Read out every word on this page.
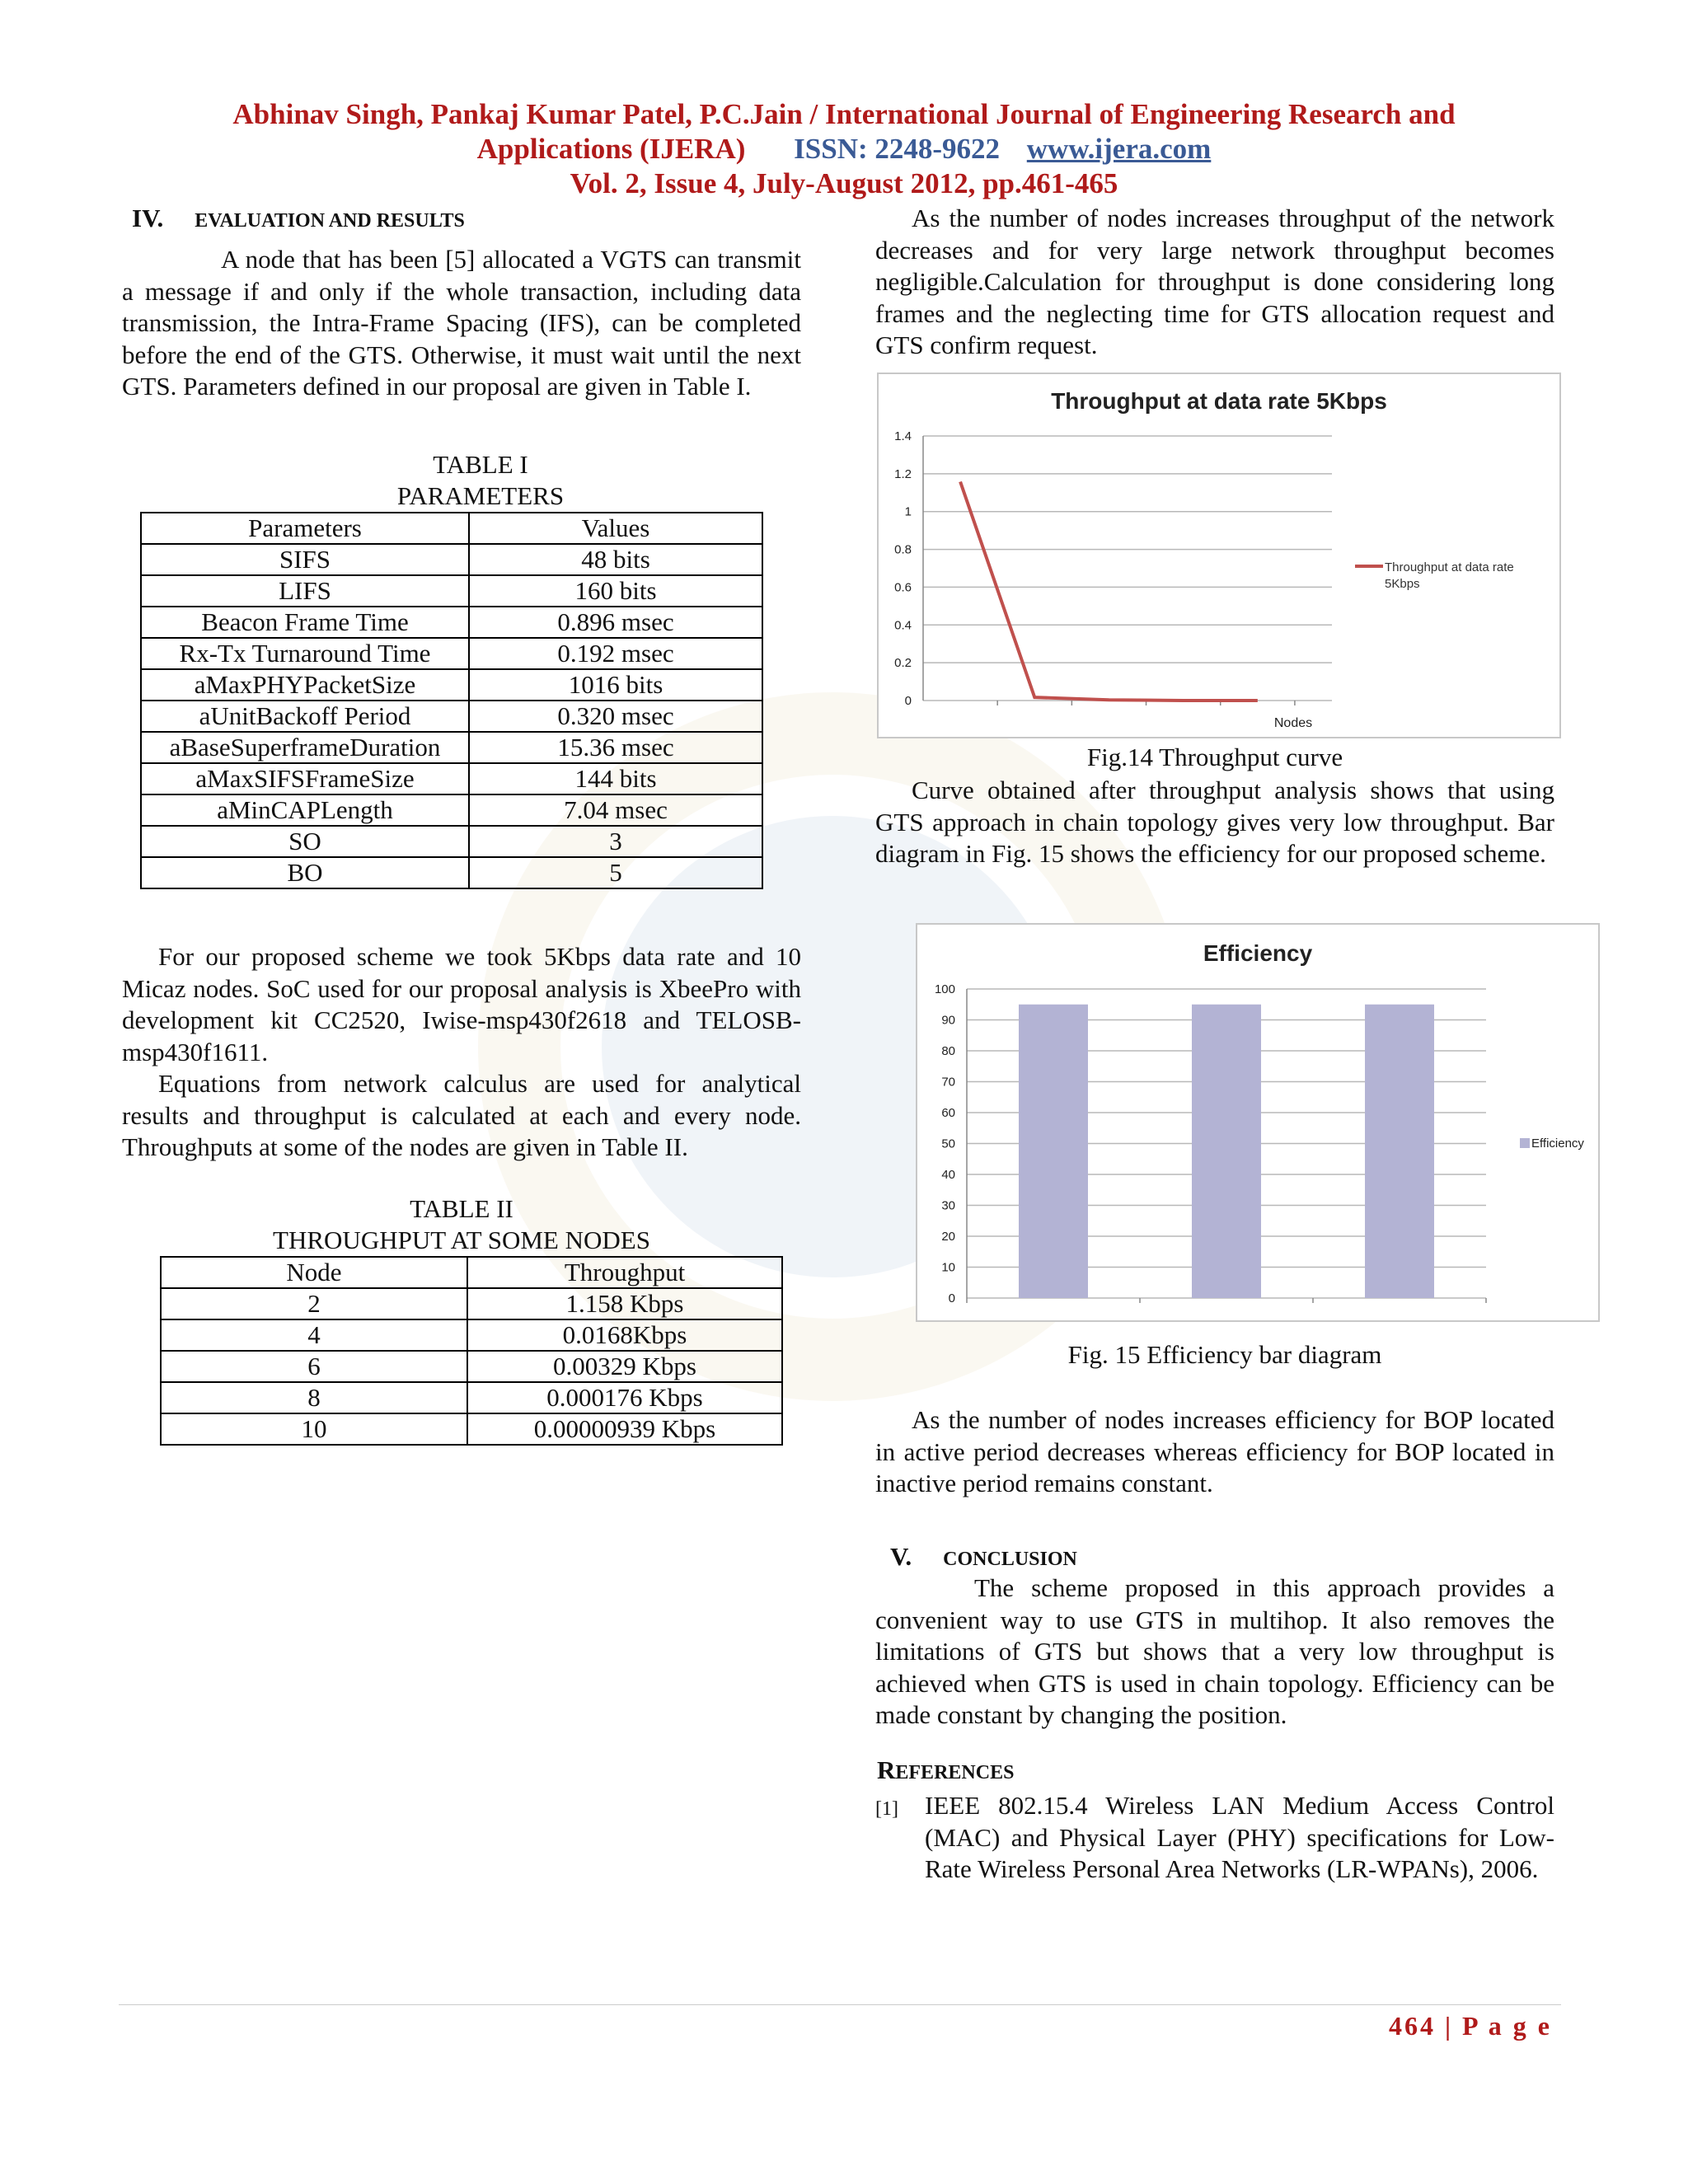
Abhinav Singh, Pankaj Kumar Patel, P.C.Jain / International Journal of Engineering Research and
Applications (IJERA) ISSN: 2248-9622 www.ijera.com
Vol. 2, Issue 4, July-August 2012, pp.461-465
IV. EVALUATION AND RESULTS

A node that has been [5] allocated a VGTS can transmit a message if and only if the whole transaction, including data transmission, the Intra-Frame Spacing (IFS), can be completed before the end of the GTS. Otherwise, it must wait until the next GTS. Parameters defined in our proposal are given in Table I.

TABLE I
PARAMETERS
Parameters	Values
SIFS	48 bits
LIFS	160 bits
Beacon Frame Time	0.896 msec
Rx-Tx Turnaround Time	0.192 msec
aMaxPHYPacketSize	1016 bits
aUnitBackoff Period	0.320 msec
aBaseSuperframeDuration	15.36 msec
aMaxSIFSFrameSize	144 bits
aMinCAPLength	7.04 msec
SO	3
BO	5

For our proposed scheme we took 5Kbps data rate and 10 Micaz nodes. SoC used for our proposal analysis is XbeePro with development kit CC2520, Iwise-msp430f2618 and TELOSB-msp430f1611.

Equations from network calculus are used for analytical results and throughput is calculated at each and every node. Throughputs at some of the nodes are given in Table II.

TABLE II
THROUGHPUT AT SOME NODES
Node	Throughput
2	1.158 Kbps
4	0.0168Kbps
6	0.00329 Kbps
8	0.000176 Kbps
10	0.00000939 Kbps

As the number of nodes increases throughput of the network decreases and for very large network throughput becomes negligible.Calculation for throughput is done considering long frames and the neglecting time for GTS allocation request and GTS confirm request.

Throughput at data rate 5Kbps
0
0.2
0.4
0.6
0.8
1
1.2
1.4
Nodes
Throughput at data rate 5Kbps
Fig.14 Throughput curve

Curve obtained after throughput analysis shows that using GTS approach in chain topology gives very low throughput. Bar diagram in Fig. 15 shows the efficiency for our proposed scheme.

Efficiency
0
10
20
30
40
50
60
70
80
90
100
Efficiency
Fig. 15 Efficiency bar diagram

As the number of nodes increases efficiency for BOP located in active period decreases whereas efficiency for BOP located in inactive period remains constant.

V. CONCLUSION

The scheme proposed in this approach provides a convenient way to use GTS in multihop. It also removes the limitations of GTS but shows that a very low throughput is achieved when GTS is used in chain topology. Efficiency can be made constant by changing the position.

REFERENCES
[1] IEEE 802.15.4 Wireless LAN Medium Access Control (MAC) and Physical Layer (PHY) specifications for Low-Rate Wireless Personal Area Networks (LR-WPANs), 2006.
464 | P a g e
